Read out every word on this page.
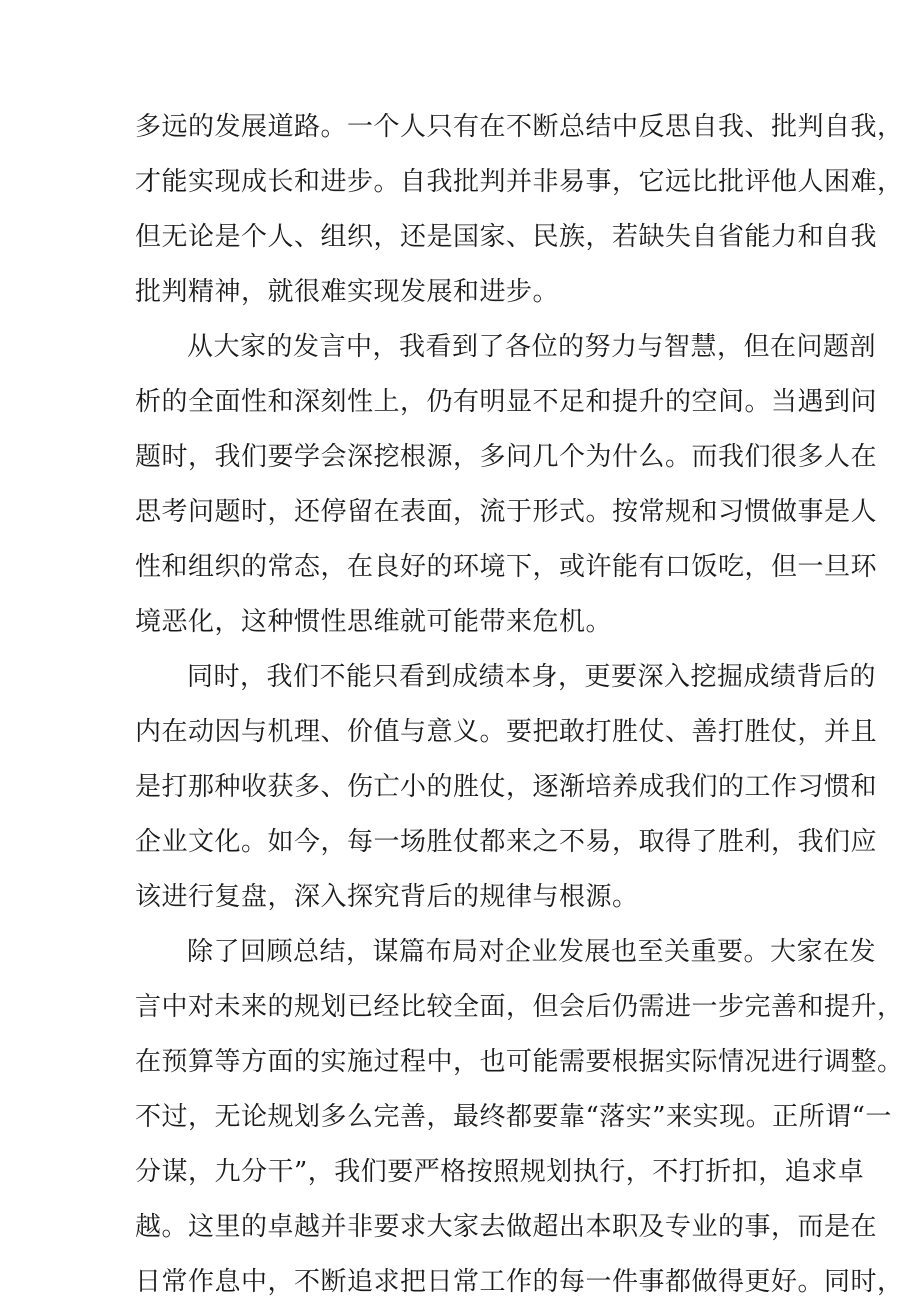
多远的发展道路。一个人只有在不断总结中反思自我、批判自我，
才能实现成长和进步。自我批判并非易事，它远比批评他人困难，
但无论是个人、组织，还是国家、民族，若缺失自省能力和自我
批判精神，就很难实现发展和进步。
从大家的发言中，我看到了各位的努力与智慧，但在问题剖
析的全面性和深刻性上，仍有明显不足和提升的空间。当遇到问
题时，我们要学会深挖根源，多问几个为什么。而我们很多人在
思考问题时，还停留在表面，流于形式。按常规和习惯做事是人
性和组织的常态，在良好的环境下，或许能有口饭吃，但一旦环
境恶化，这种惯性思维就可能带来危机。
同时，我们不能只看到成绩本身，更要深入挖掘成绩背后的
内在动因与机理、价值与意义。要把敢打胜仗、善打胜仗，并且
是打那种收获多、伤亡小的胜仗，逐渐培养成我们的工作习惯和
企业文化。如今，每一场胜仗都来之不易，取得了胜利，我们应
该进行复盘，深入探究背后的规律与根源。
除了回顾总结，谋篇布局对企业发展也至关重要。大家在发
言中对未来的规划已经比较全面，但会后仍需进一步完善和提升，
在预算等方面的实施过程中，也可能需要根据实际情况进行调整。
不过，无论规划多么完善，最终都要靠“落实”来实现。正所谓“一
分谋，九分干”，我们要严格按照规划执行，不打折扣，追求卓
越。这里的卓越并非要求大家去做超出本职及专业的事，而是在
日常作息中，不断追求把日常工作的每一件事都做得更好。同时，
